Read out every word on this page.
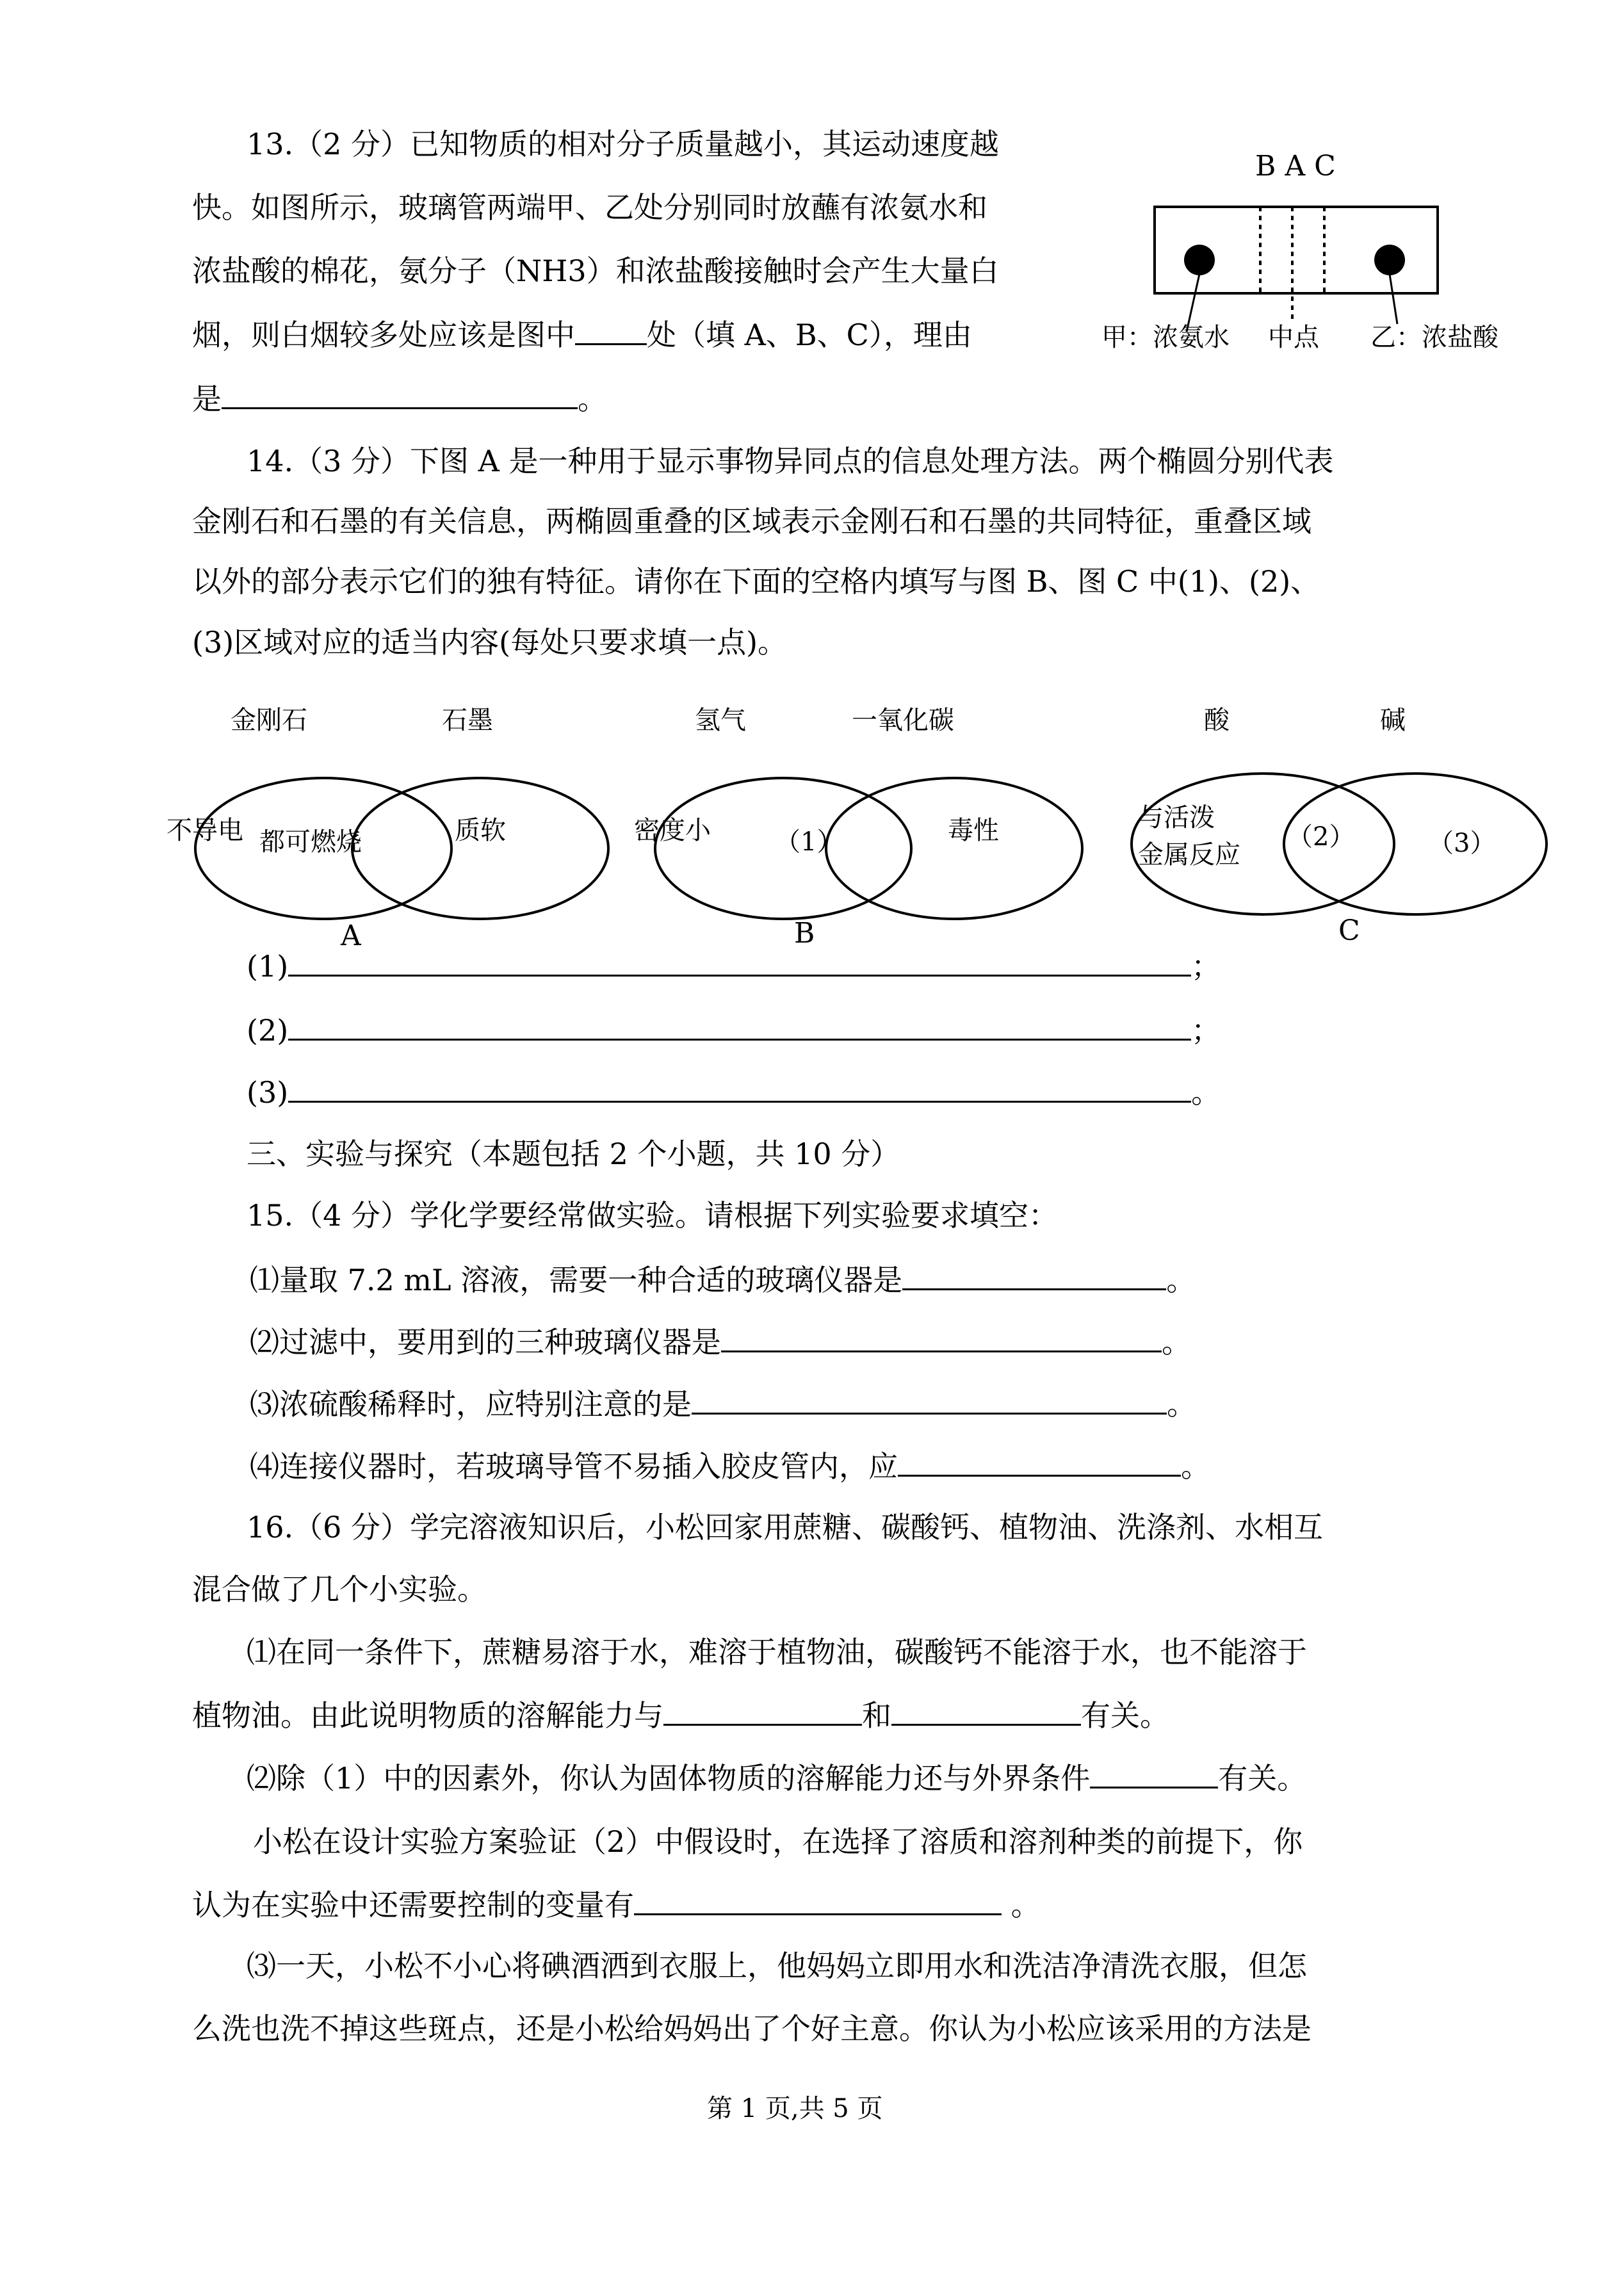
13.（2 分）已知物质的相对分子质量越小，其运动速度越
快。如图所示，玻璃管两端甲、乙处分别同时放蘸有浓氨水和
浓盐酸的棉花，氨分子（NH3）和浓盐酸接触时会产生大量白
烟，则白烟较多处应该是图中 处（填 A、B、C），理由
是	。
B A C
甲：浓氨水 中点 乙：浓盐酸
14.（3 分）下图 A 是一种用于显示事物异同点的信息处理方法。两个椭圆分别代表
金刚石和石墨的有关信息，两椭圆重叠的区域表示金刚石和石墨的共同特征，重叠区域
以外的部分表示它们的独有特征。请你在下面的空格内填写与图 B、图 C 中(1)、(2)、
(3)区域对应的适当内容(每处只要求填一点)。
金刚石	石墨
不导电 都可燃烧	质软
A
氢气	一氧化碳
密度小	（1）	毒性
B
酸	碱
与活泼
金属反应
（2）	（3）
C
(1)	；
(2)	；
(3)	。
三、实验与探究（本题包括 2 个小题，共 10 分）
15.（4 分）学化学要经常做实验。请根据下列实验要求填空：
⑴量取 7.2 mL 溶液，需要一种合适的玻璃仪器是	。
⑵过滤中，要用到的三种玻璃仪器是	。
⑶浓硫酸稀释时，应特别注意的是	。
⑷连接仪器时，若玻璃导管不易插入胶皮管内，应	。
16.（6 分）学完溶液知识后，小松回家用蔗糖、碳酸钙、植物油、洗涤剂、水相互
混合做了几个小实验。
⑴在同一条件下，蔗糖易溶于水，难溶于植物油，碳酸钙不能溶于水，也不能溶于
植物油。由此说明物质的溶解能力与	和	有关。
⑵除（1）中的因素外，你认为固体物质的溶解能力还与外界条件	有关。
小松在设计实验方案验证（2）中假设时，在选择了溶质和溶剂种类的前提下，你
认为在实验中还需要控制的变量有	。
⑶一天，小松不小心将碘酒洒到衣服上，他妈妈立即用水和洗洁净清洗衣服，但怎
么洗也洗不掉这些斑点，还是小松给妈妈出了个好主意。你认为小松应该采用的方法是
第 1 页,共 5 页
